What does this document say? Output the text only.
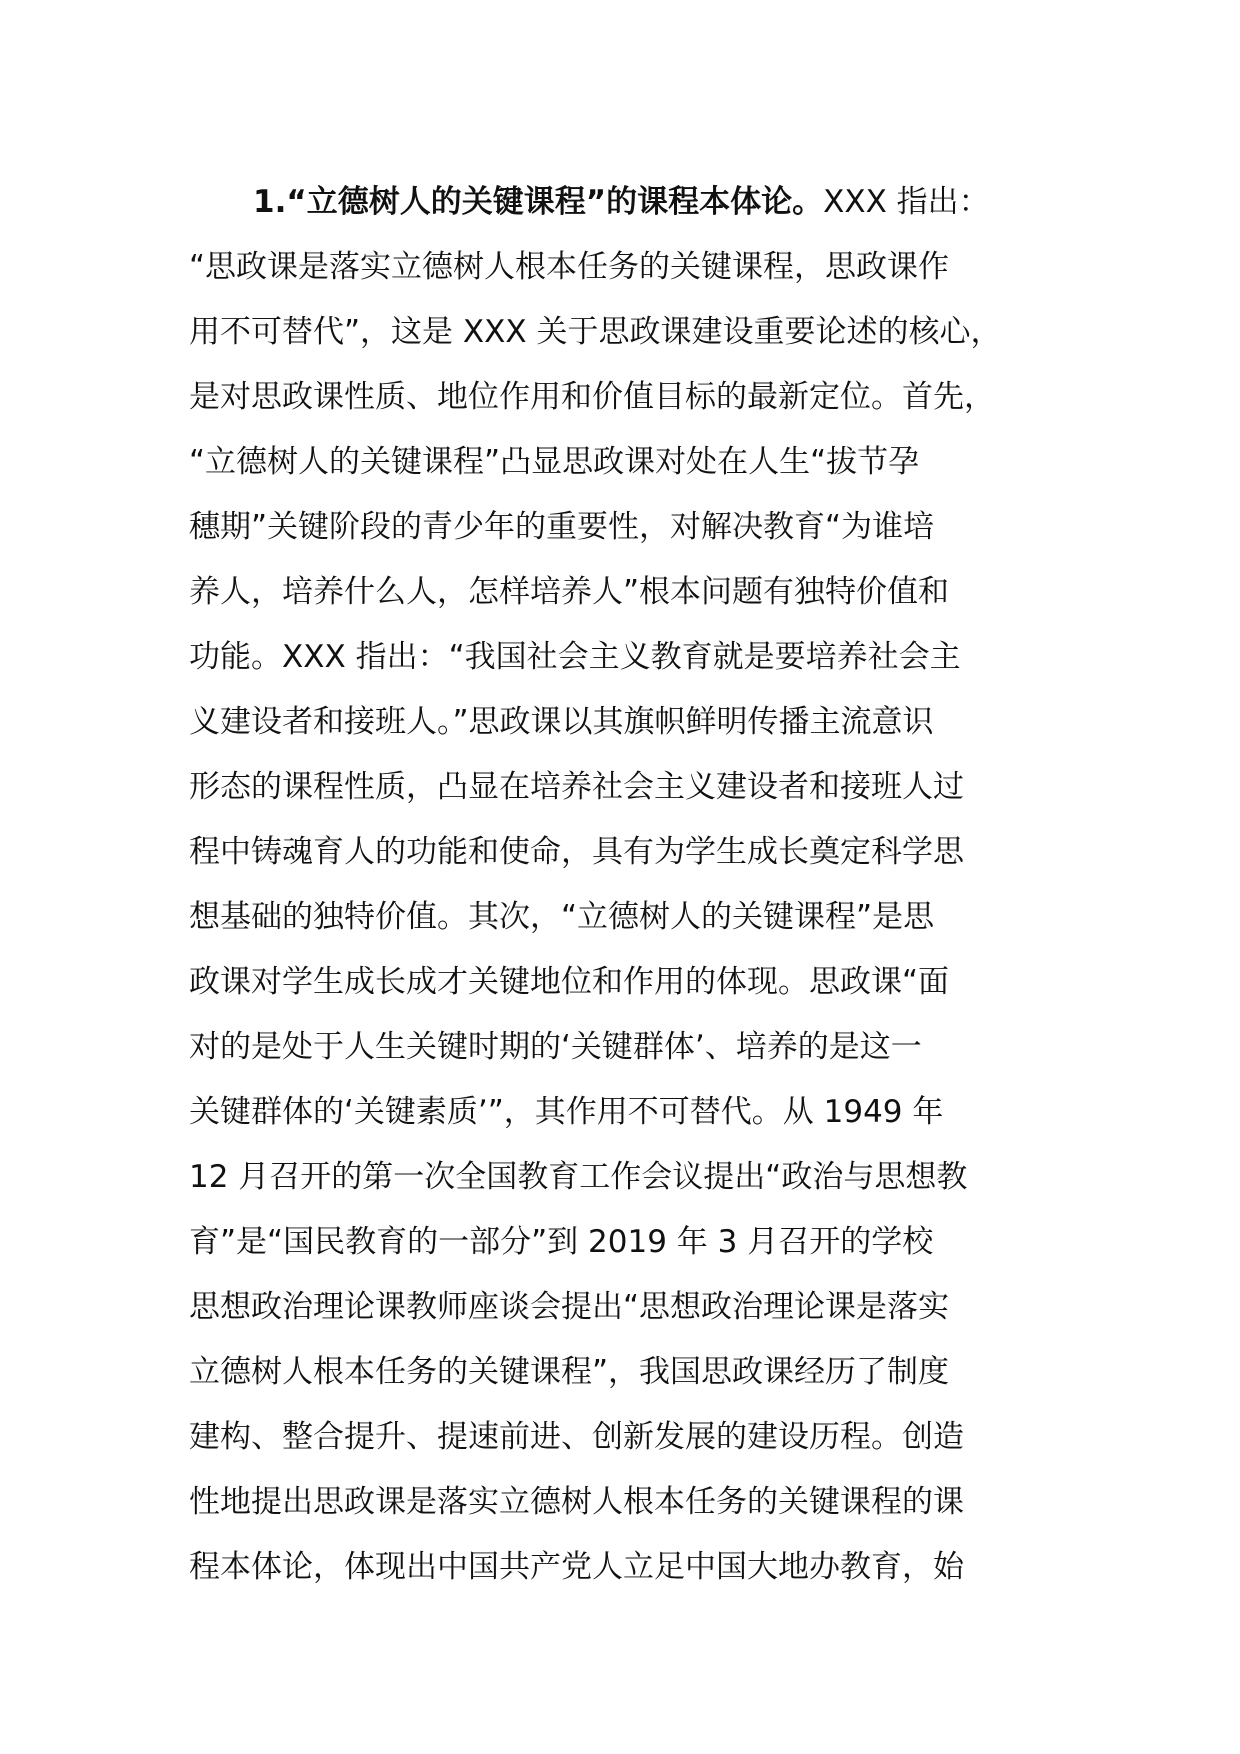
1.“立德树人的关键课程”的课程本体论。XXX 指出：
“思政课是落实立德树人根本任务的关键课程，思政课作
用不可替代”，这是 XXX 关于思政课建设重要论述的核心，
是对思政课性质、地位作用和价值目标的最新定位。首先，
“立德树人的关键课程”凸显思政课对处在人生“拔节孕
穗期”关键阶段的青少年的重要性，对解决教育“为谁培
养人，培养什么人，怎样培养人”根本问题有独特价值和
功能。XXX 指出：“我国社会主义教育就是要培养社会主
义建设者和接班人。”思政课以其旗帜鲜明传播主流意识
形态的课程性质，凸显在培养社会主义建设者和接班人过
程中铸魂育人的功能和使命，具有为学生成长奠定科学思
想基础的独特价值。其次，“立德树人的关键课程”是思
政课对学生成长成才关键地位和作用的体现。思政课“面
对的是处于人生关键时期的‘关键群体’、培养的是这一
关键群体的‘关键素质’”，其作用不可替代。从 1949 年
12 月召开的第一次全国教育工作会议提出“政治与思想教
育”是“国民教育的一部分”到 2019 年 3 月召开的学校
思想政治理论课教师座谈会提出“思想政治理论课是落实
立德树人根本任务的关键课程”，我国思政课经历了制度
建构、整合提升、提速前进、创新发展的建设历程。创造
性地提出思政课是落实立德树人根本任务的关键课程的课
程本体论，体现出中国共产党人立足中国大地办教育，始
